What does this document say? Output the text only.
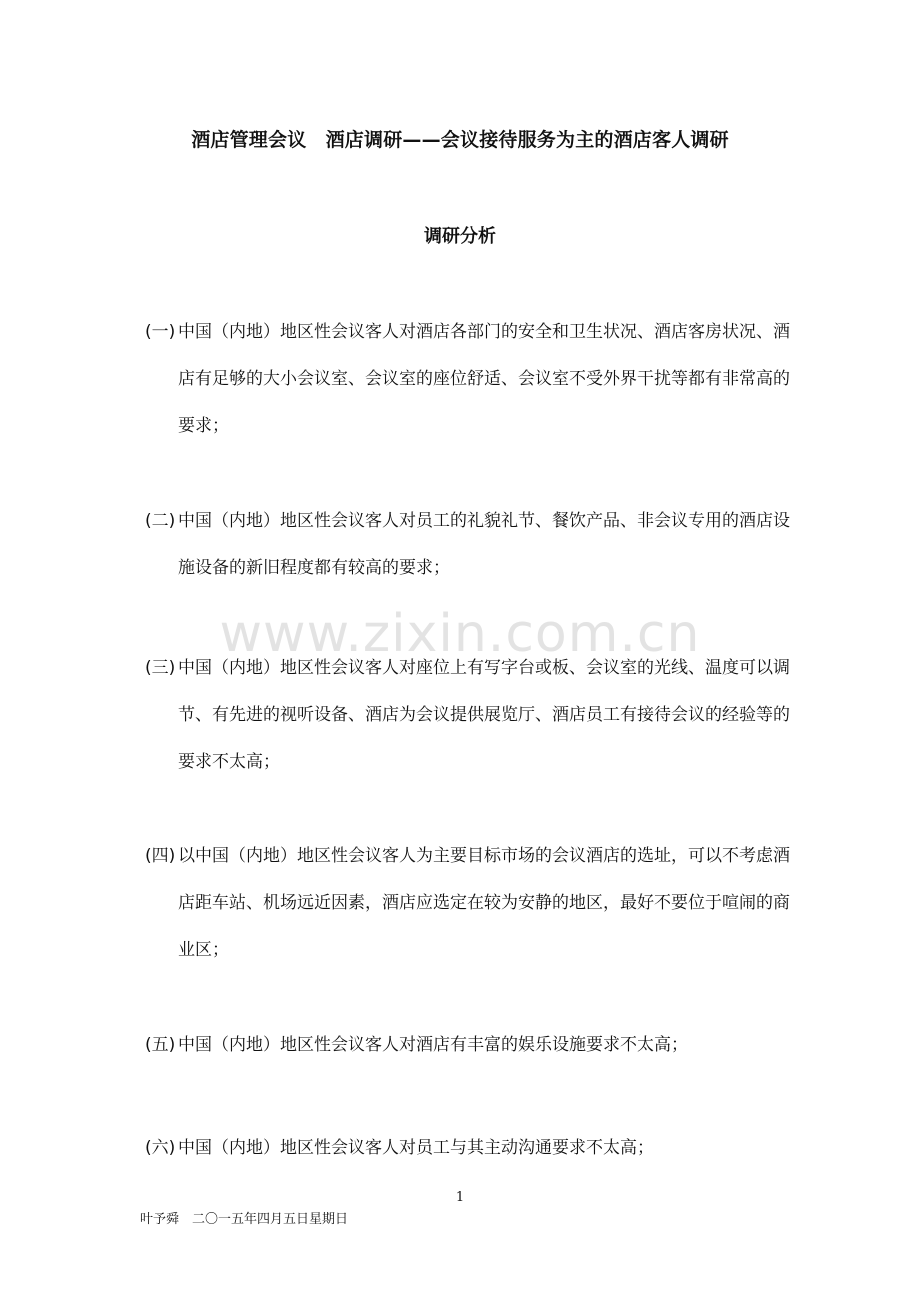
酒店管理会议　酒店调研——会议接待服务为主的酒店客人调研
调研分析
(一) 中国（内地）地区性会议客人对酒店各部门的安全和卫生状况、酒店客房状况、酒店有足够的大小会议室、会议室的座位舒适、会议室不受外界干扰等都有非常高的要求；
(二) 中国（内地）地区性会议客人对员工的礼貌礼节、餐饮产品、非会议专用的酒店设施设备的新旧程度都有较高的要求；
www.zixin.com.cn
(三) 中国（内地）地区性会议客人对座位上有写字台或板、会议室的光线、温度可以调节、有先进的视听设备、酒店为会议提供展览厅、酒店员工有接待会议的经验等的要求不太高；
(四) 以中国（内地）地区性会议客人为主要目标市场的会议酒店的选址，可以不考虑酒店距车站、机场远近因素，酒店应选定在较为安静的地区，最好不要位于喧闹的商业区；
(五) 中国（内地）地区性会议客人对酒店有丰富的娱乐设施要求不太高；
(六) 中国（内地）地区性会议客人对员工与其主动沟通要求不太高；
1
叶予舜　二〇一五年四月五日星期日
